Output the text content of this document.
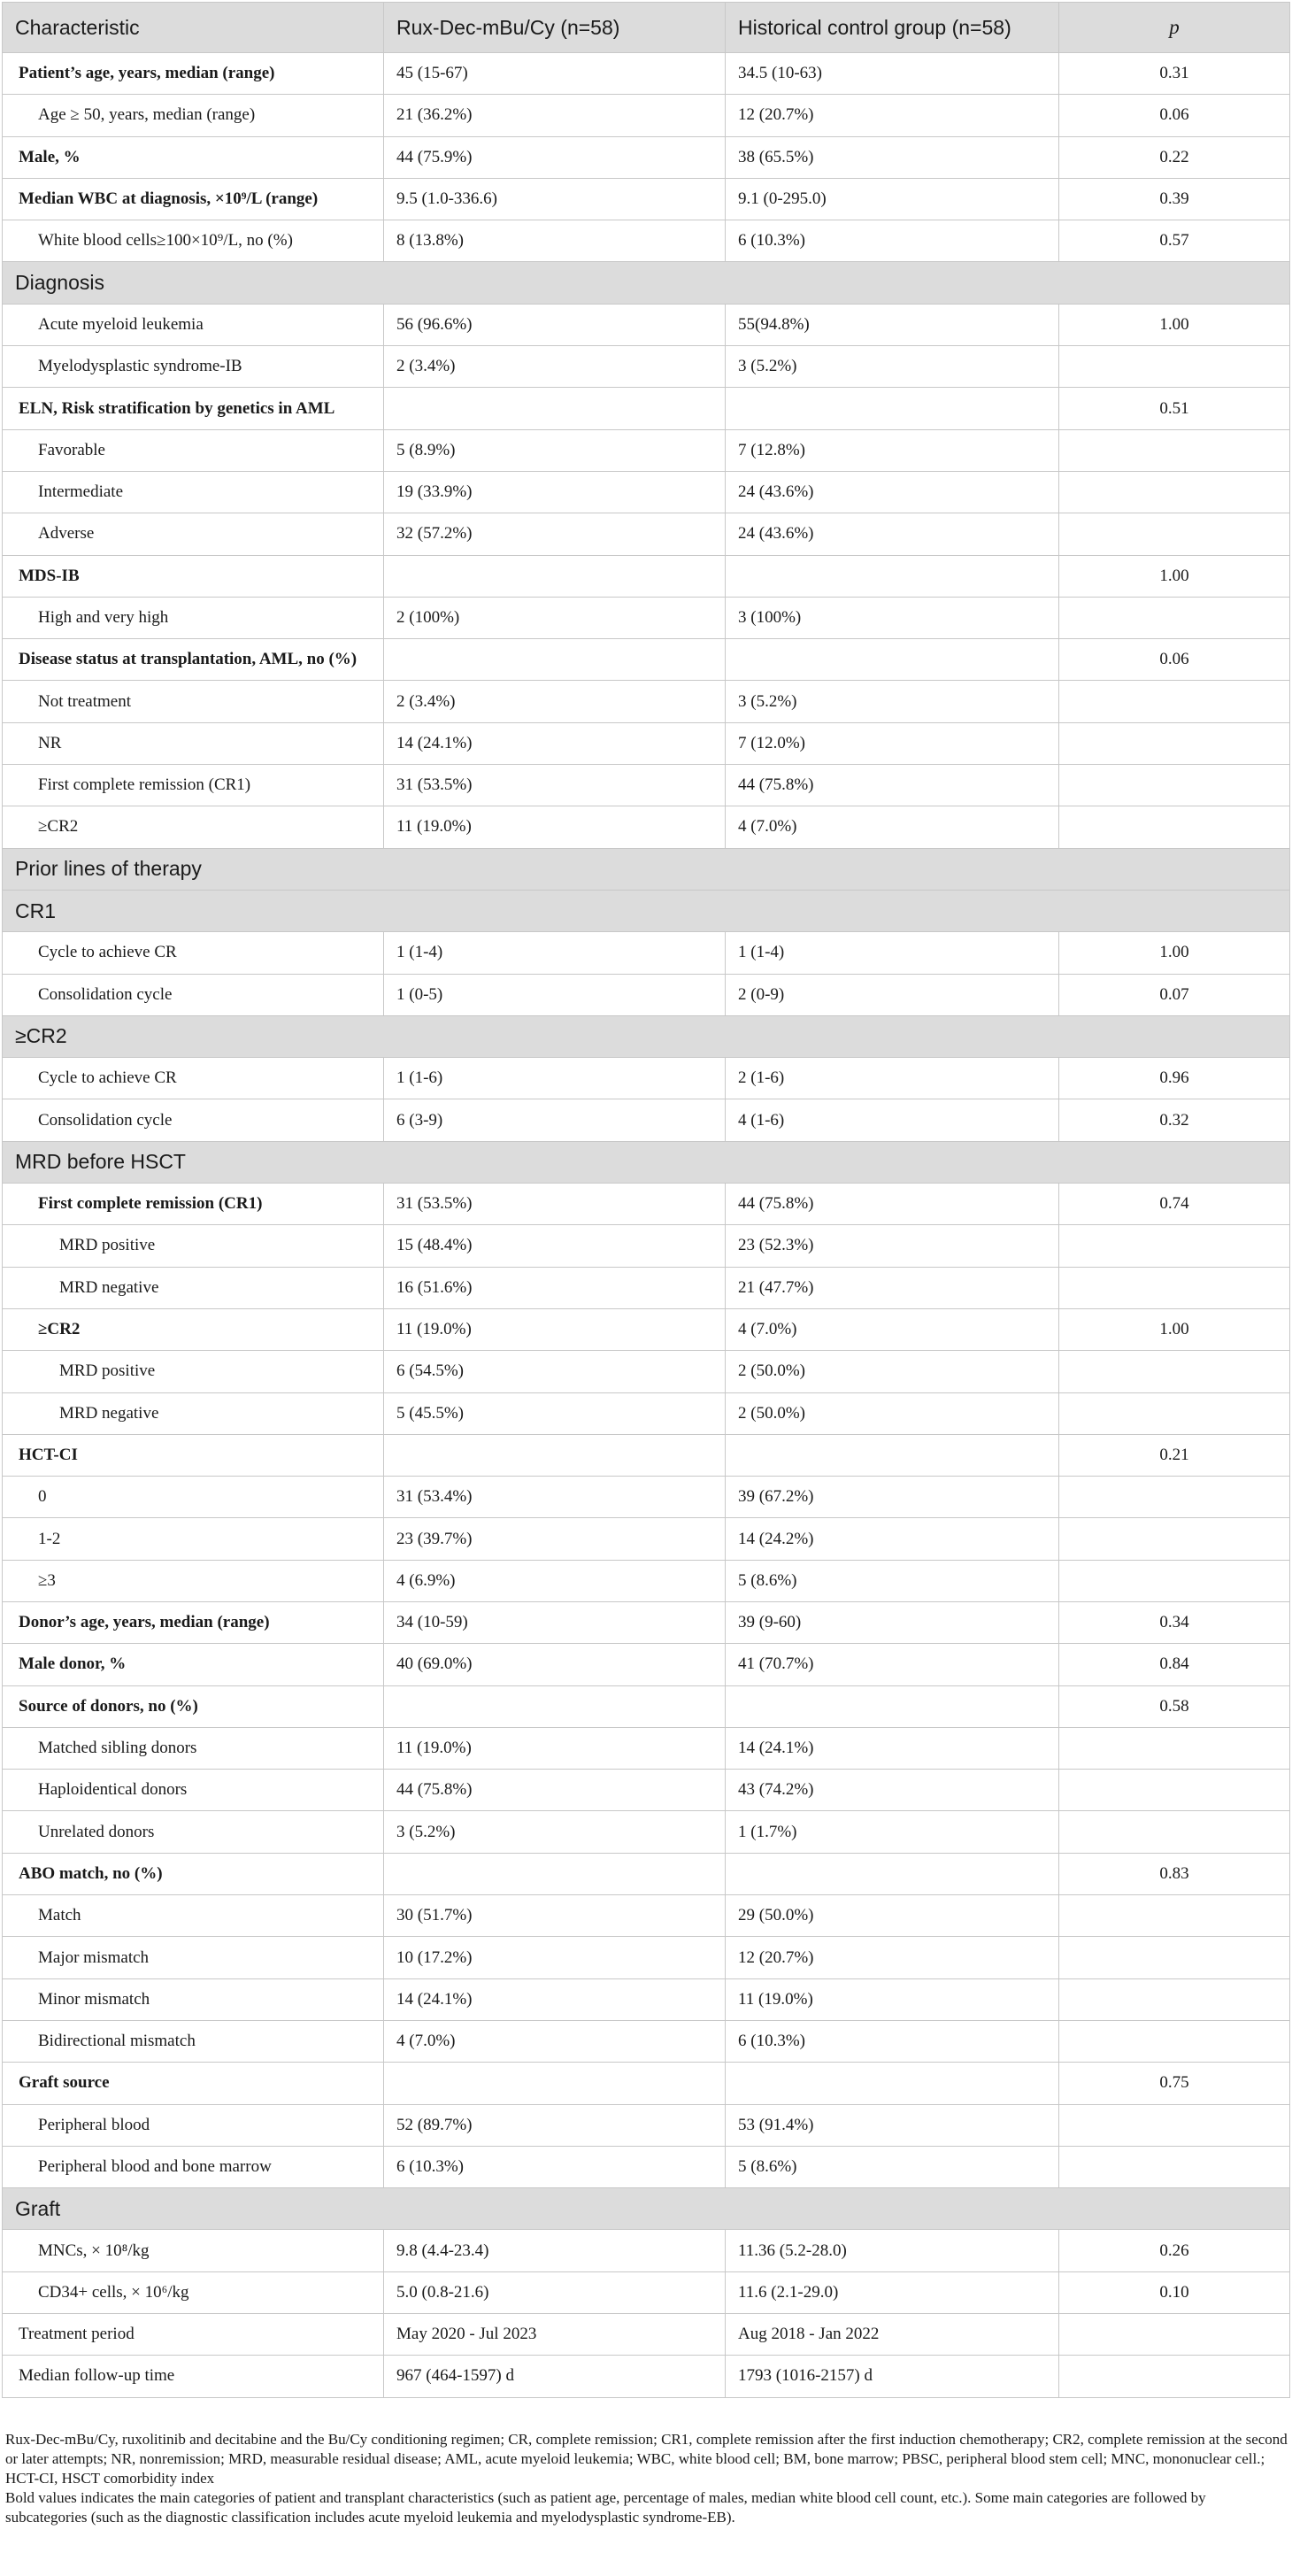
Characteristic	Rux-Dec-mBu/Cy (n=58)	Historical control group (n=58)	p
Patient’s age, years, median (range)	45 (15-67)	34.5 (10-63)	0.31
Age ≥ 50, years, median (range)	21 (36.2%)	12 (20.7%)	0.06
Male, %	44 (75.9%)	38 (65.5%)	0.22
Median WBC at diagnosis, ×10⁹/L (range)	9.5 (1.0-336.6)	9.1 (0-295.0)	0.39
White blood cells≥100×10⁹/L, no (%)	8 (13.8%)	6 (10.3%)	0.57
Diagnosis			
Acute myeloid leukemia	56 (96.6%)	55(94.8%)	1.00
Myelodysplastic syndrome-IB	2 (3.4%)	3 (5.2%)	
ELN, Risk stratification by genetics in AML			0.51
Favorable	5 (8.9%)	7 (12.8%)	
Intermediate	19 (33.9%)	24 (43.6%)	
Adverse	32 (57.2%)	24 (43.6%)	
MDS-IB			1.00
High and very high	2 (100%)	3 (100%)	
Disease status at transplantation, AML, no (%)			0.06
Not treatment	2 (3.4%)	3 (5.2%)	
NR	14 (24.1%)	7 (12.0%)	
First complete remission (CR1)	31 (53.5%)	44 (75.8%)	
≥CR2	11 (19.0%)	4 (7.0%)	
Prior lines of therapy			
CR1			
Cycle to achieve CR	1 (1-4)	1 (1-4)	1.00
Consolidation cycle	1 (0-5)	2 (0-9)	0.07
≥CR2			
Cycle to achieve CR	1 (1-6)	2 (1-6)	0.96
Consolidation cycle	6 (3-9)	4 (1-6)	0.32
MRD before HSCT			
First complete remission (CR1)	31 (53.5%)	44 (75.8%)	0.74
MRD positive	15 (48.4%)	23 (52.3%)	
MRD negative	16 (51.6%)	21 (47.7%)	
≥CR2	11 (19.0%)	4 (7.0%)	1.00
MRD positive	6 (54.5%)	2 (50.0%)	
MRD negative	5 (45.5%)	2 (50.0%)	
HCT-CI			0.21
0	31 (53.4%)	39 (67.2%)	
1-2	23 (39.7%)	14 (24.2%)	
≥3	4 (6.9%)	5 (8.6%)	
Donor’s age, years, median (range)	34 (10-59)	39 (9-60)	0.34
Male donor, %	40 (69.0%)	41 (70.7%)	0.84
Source of donors, no (%)			0.58
Matched sibling donors	11 (19.0%)	14 (24.1%)	
Haploidentical donors	44 (75.8%)	43 (74.2%)	
Unrelated donors	3 (5.2%)	1 (1.7%)	
ABO match, no (%)			0.83
Match	30 (51.7%)	29 (50.0%)	
Major mismatch	10 (17.2%)	12 (20.7%)	
Minor mismatch	14 (24.1%)	11 (19.0%)	
Bidirectional mismatch	4 (7.0%)	6 (10.3%)	
Graft source			0.75
Peripheral blood	52 (89.7%)	53 (91.4%)	
Peripheral blood and bone marrow	6 (10.3%)	5 (8.6%)	
Graft			
MNCs, × 10⁸/kg	9.8 (4.4-23.4)	11.36 (5.2-28.0)	0.26
CD34+ cells, × 10⁶/kg	5.0 (0.8-21.6)	11.6 (2.1-29.0)	0.10
Treatment period	May 2020 - Jul 2023	Aug 2018 - Jan 2022	
Median follow-up time	967 (464-1597) d	1793 (1016-2157) d	

Rux-Dec-mBu/Cy, ruxolitinib and decitabine and the Bu/Cy conditioning regimen; CR, complete remission; CR1, complete remission after the first induction chemotherapy; CR2, complete remission at the second or later attempts; NR, nonremission; MRD, measurable residual disease; AML, acute myeloid leukemia; WBC, white blood cell; BM, bone marrow; PBSC, peripheral blood stem cell; MNC, mononuclear cell.; HCT-CI, HSCT comorbidity index

Bold values indicates the main categories of patient and transplant characteristics (such as patient age, percentage of males, median white blood cell count, etc.). Some main categories are followed by subcategories (such as the diagnostic classification includes acute myeloid leukemia and myelodysplastic syndrome-EB).
